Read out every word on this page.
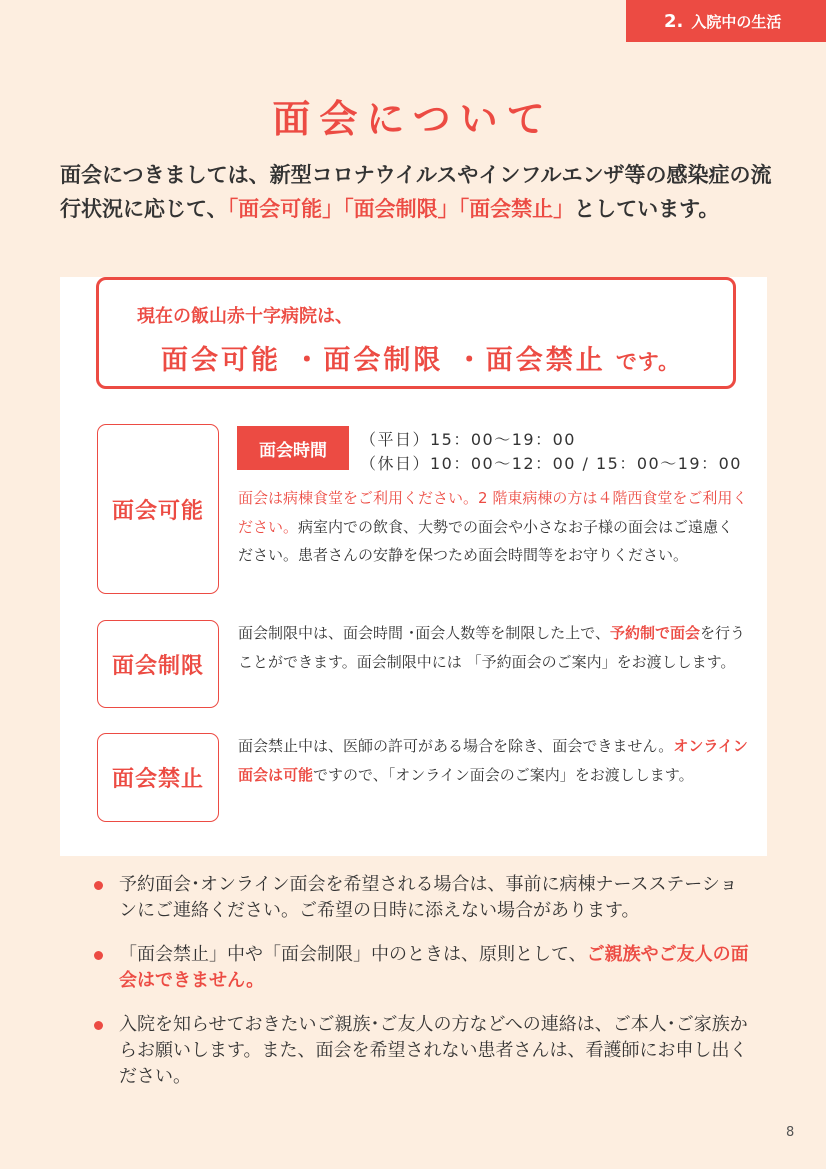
2. 入院中の生活
面会について
面会につきましては、新型コロナウイルスやインフルエンザ等の感染症の流行状況に応じて、「面会可能」「面会制限」「面会禁止」としています。
現在の飯山赤十字病院は、
面会可能 ・面会制限 ・面会禁止 です。
面会可能
面会時間
（平日）15：00～19：00
（休日）10：00～12：00 / 15：00～19：00
面会は病棟食堂をご利用ください。2 階東病棟の方は４階西食堂をご利用ください。病室内での飲食、大勢での面会や小さなお子様の面会はご遠慮ください。患者さんの安静を保つため面会時間等をお守りください。
面会制限
面会制限中は、面会時間 ･面会人数等を制限した上で、予約制で面会を行うことができます。面会制限中には 「予約面会のご案内」をお渡しします。
面会禁止
面会禁止中は、医師の許可がある場合を除き、面会できません。オンライン面会は可能ですので、「オンライン面会のご案内」をお渡しします。
予約面会･オンライン面会を希望される場合は、事前に病棟ナースステーションにご連絡ください。ご希望の日時に添えない場合があります。
「面会禁止」中や「面会制限」中のときは、原則として、ご親族やご友人の面会はできません。
入院を知らせておきたいご親族･ご友人の方などへの連絡は、ご本人･ご家族からお願いします。また、面会を希望されない患者さんは、看護師にお申し出ください。
8
